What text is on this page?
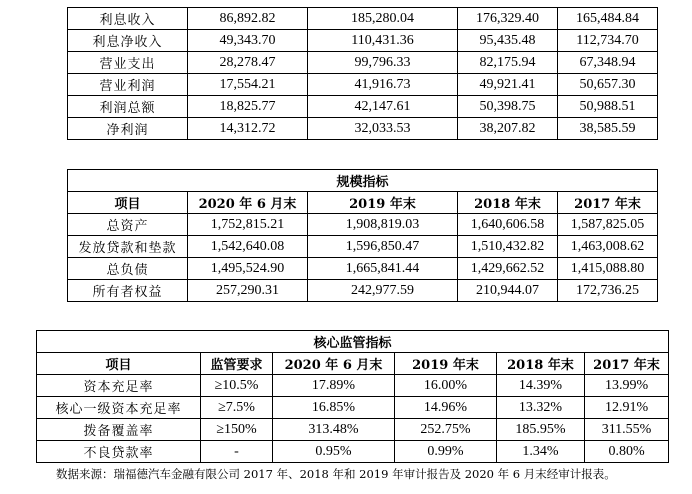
利息收入	86,892.82	185,280.04	176,329.40	165,484.84
利息净收入	49,343.70	110,431.36	95,435.48	112,734.70
营业支出	28,278.47	99,796.33	82,175.94	67,348.94
营业利润	17,554.21	41,916.73	49,921.41	50,657.30
利润总额	18,825.77	42,147.61	50,398.75	50,988.51
净利润	14,312.72	32,033.53	38,207.82	38,585.59
规模指标				
项目	2020 年 6 月末	2019 年末	2018 年末	2017 年末
总资产	1,752,815.21	1,908,819.03	1,640,606.58	1,587,825.05
发放贷款和垫款	1,542,640.08	1,596,850.47	1,510,432.82	1,463,008.62
总负债	1,495,524.90	1,665,841.44	1,429,662.52	1,415,088.80
所有者权益	257,290.31	242,977.59	210,944.07	172,736.25
核心监管指标					
项目	监管要求	2020 年 6 月末	2019 年末	2018 年末	2017 年末
资本充足率	≥10.5%	17.89%	16.00%	14.39%	13.99%
核心一级资本充足率	≥7.5%	16.85%	14.96%	13.32%	12.91%
拨备覆盖率	≥150%	313.48%	252.75%	185.95%	311.55%
不良贷款率	-	0.95%	0.99%	1.34%	0.80%
数据来源：瑞福德汽车金融有限公司 2017 年、2018 年和 2019 年审计报告及 2020 年 6 月末经审计报表。
